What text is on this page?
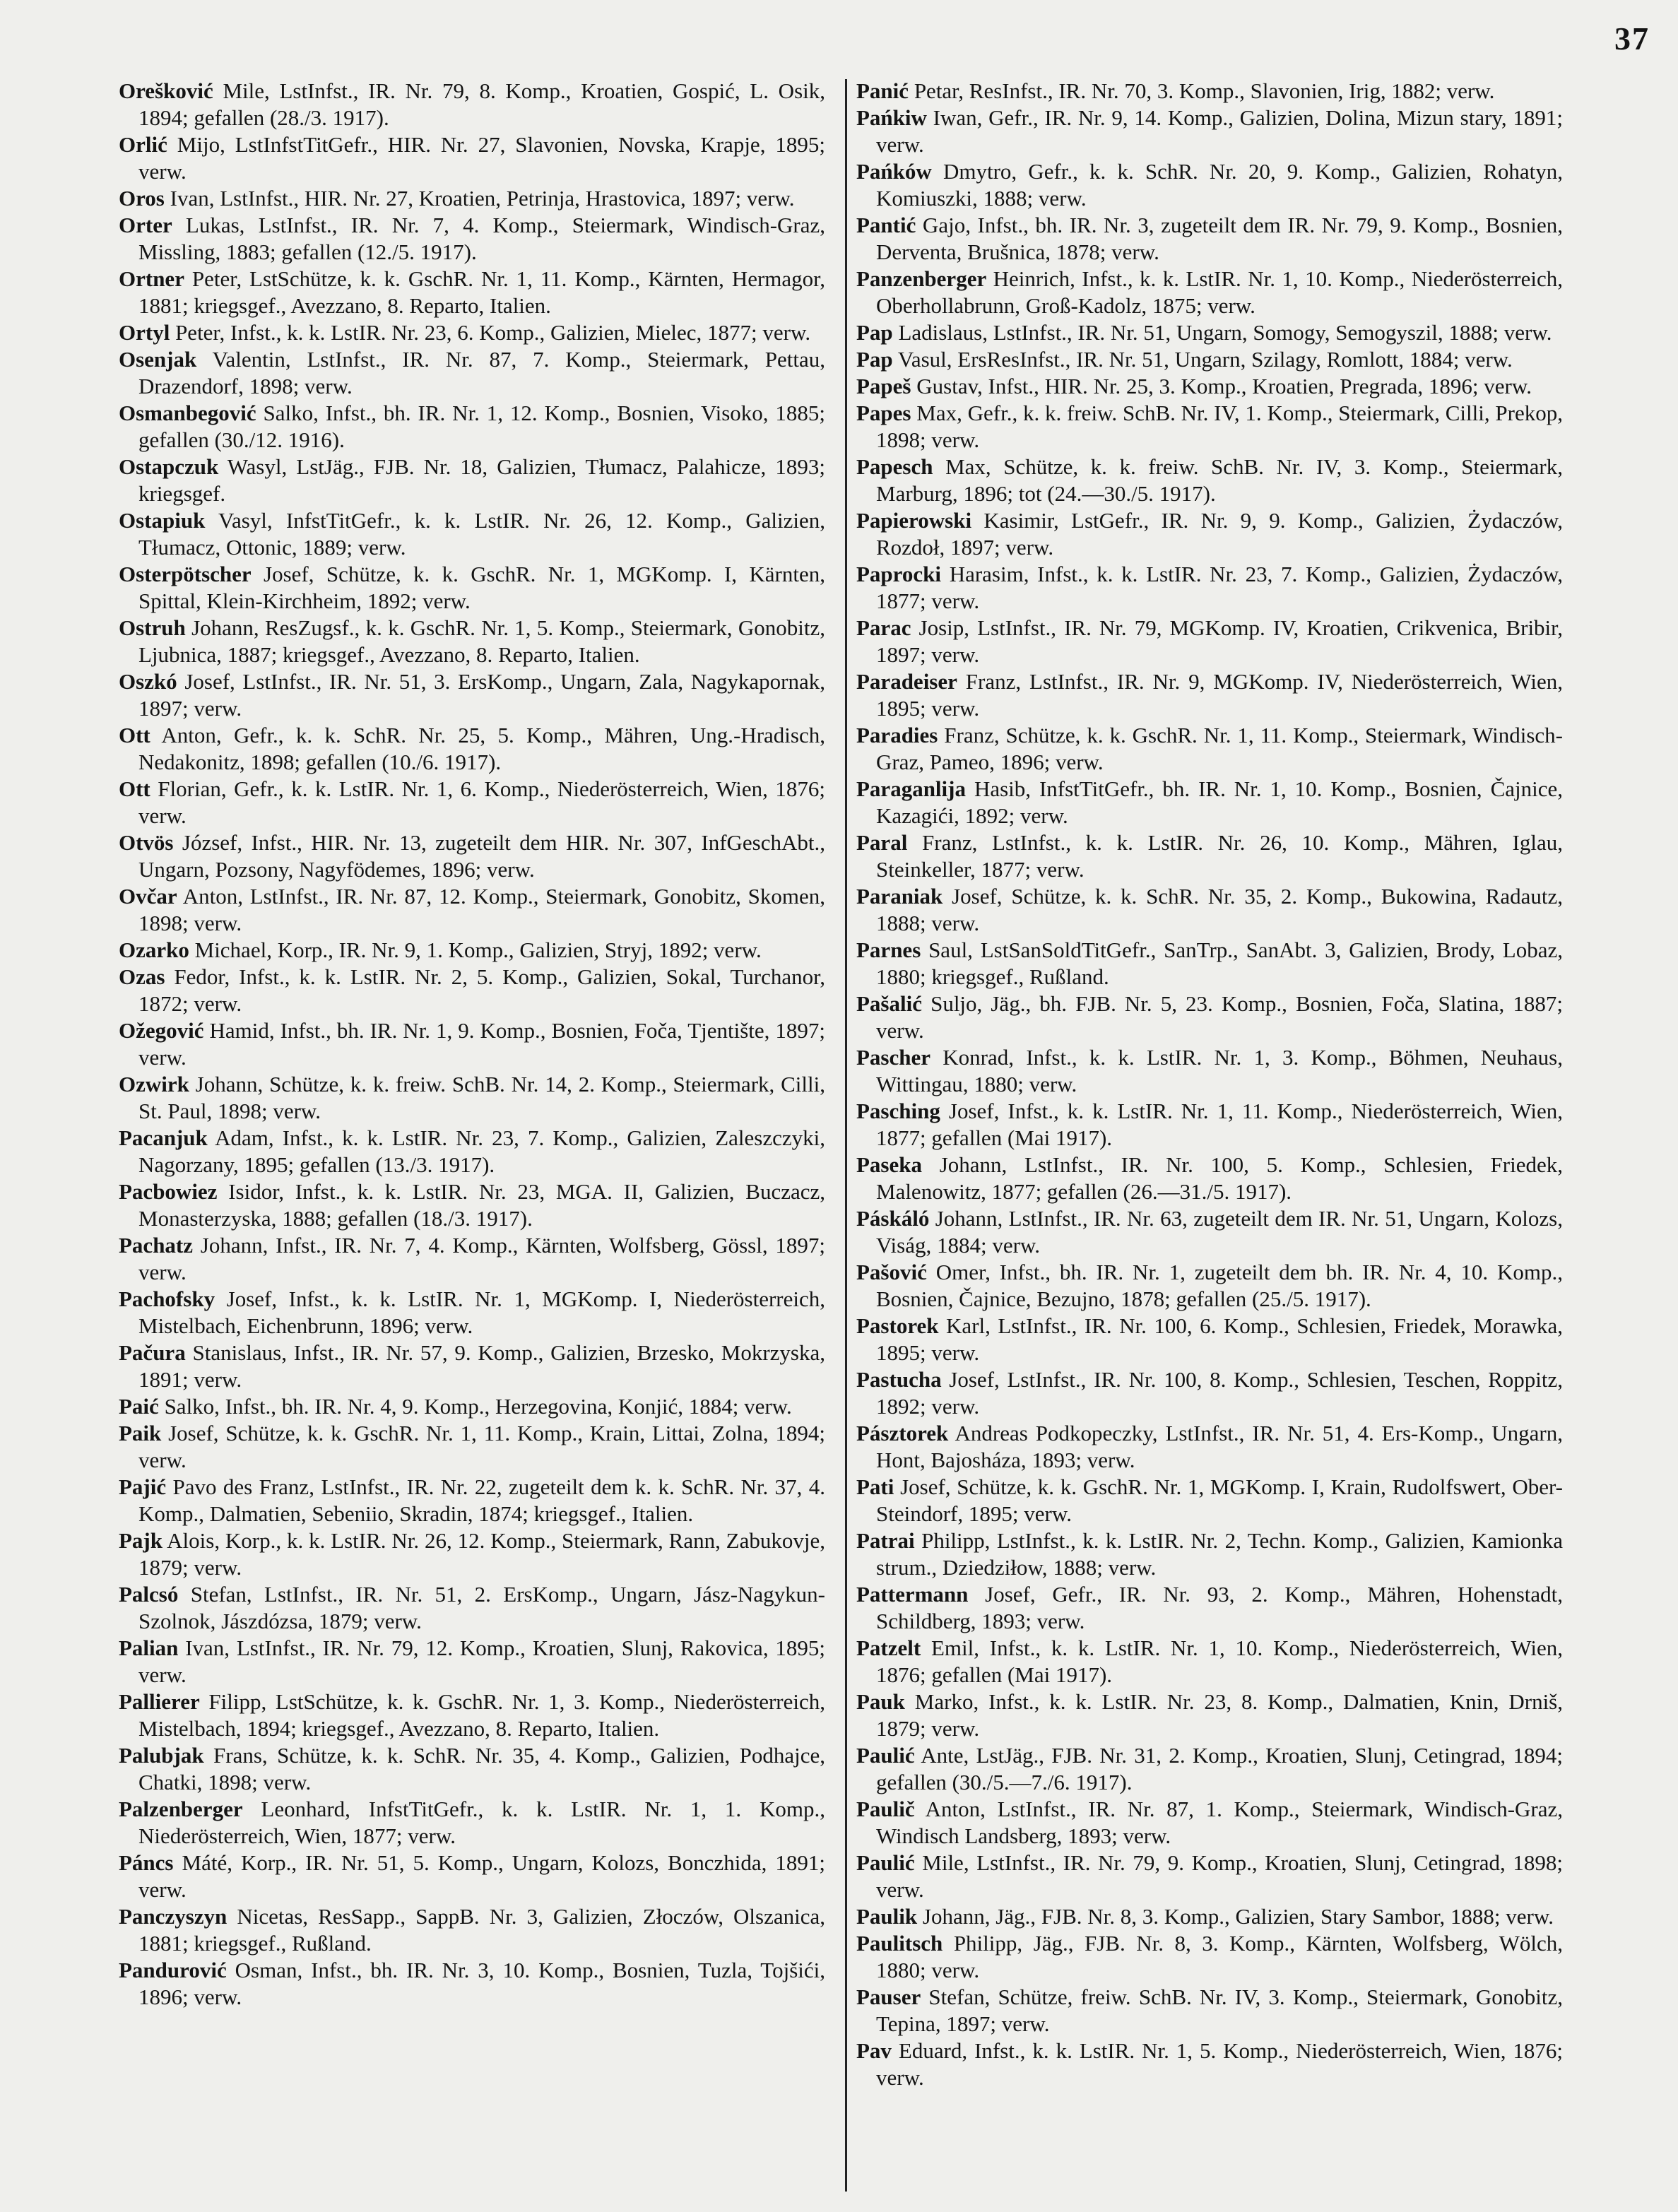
37

Orešković Mile, LstInfst., IR. Nr. 79, 8. Komp., Kroatien, Gospić, L. Osik, 1894; gefallen (28./3. 1917).

Orlić Mijo, LstInfstTitGefr., HIR. Nr. 27, Slavonien, Novska, Krapje, 1895; verw.

Oros Ivan, LstInfst., HIR. Nr. 27, Kroatien, Petrinja, Hrastovica, 1897; verw.

Orter Lukas, LstInfst., IR. Nr. 7, 4. Komp., Steiermark, Windisch-Graz, Missling, 1883; gefallen (12./5. 1917).

Ortner Peter, LstSchütze, k. k. GschR. Nr. 1, 11. Komp., Kärnten, Hermagor, 1881; kriegsgef., Avezzano, 8. Reparto, Italien.

Ortyl Peter, Infst., k. k. LstIR. Nr. 23, 6. Komp., Galizien, Mielec, 1877; verw.

Osenjak Valentin, LstInfst., IR. Nr. 87, 7. Komp., Steiermark, Pettau, Drazendorf, 1898; verw.

Osmanbegović Salko, Infst., bh. IR. Nr. 1, 12. Komp., Bosnien, Visoko, 1885; gefallen (30./12. 1916).

Ostapczuk Wasyl, LstJäg., FJB. Nr. 18, Galizien, Tłumacz, Palahicze, 1893; kriegsgef.

Ostapiuk Vasyl, InfstTitGefr., k. k. LstIR. Nr. 26, 12. Komp., Galizien, Tłumacz, Ottonic, 1889; verw.

Osterpötscher Josef, Schütze, k. k. GschR. Nr. 1, MGKomp. I, Kärnten, Spittal, Klein-Kirchheim, 1892; verw.

Ostruh Johann, ResZugsf., k. k. GschR. Nr. 1, 5. Komp., Steiermark, Gonobitz, Ljubnica, 1887; kriegsgef., Avezzano, 8. Reparto, Italien.

Oszkó Josef, LstInfst., IR. Nr. 51, 3. ErsKomp., Ungarn, Zala, Nagykapornak, 1897; verw.

Ott Anton, Gefr., k. k. SchR. Nr. 25, 5. Komp., Mähren, Ung.-Hradisch, Nedakonitz, 1898; gefallen (10./6. 1917).

Ott Florian, Gefr., k. k. LstIR. Nr. 1, 6. Komp., Niederösterreich, Wien, 1876; verw.

Otvös József, Infst., HIR. Nr. 13, zugeteilt dem HIR. Nr. 307, InfGeschAbt., Ungarn, Pozsony, Nagyfödemes, 1896; verw.

Ovčar Anton, LstInfst., IR. Nr. 87, 12. Komp., Steiermark, Gonobitz, Skomen, 1898; verw.

Ozarko Michael, Korp., IR. Nr. 9, 1. Komp., Galizien, Stryj, 1892; verw.

Ozas Fedor, Infst., k. k. LstIR. Nr. 2, 5. Komp., Galizien, Sokal, Turchanor, 1872; verw.

Ožegović Hamid, Infst., bh. IR. Nr. 1, 9. Komp., Bosnien, Foča, Tjentište, 1897; verw.

Ozwirk Johann, Schütze, k. k. freiw. SchB. Nr. 14, 2. Komp., Steiermark, Cilli, St. Paul, 1898; verw.

Pacanjuk Adam, Infst., k. k. LstIR. Nr. 23, 7. Komp., Galizien, Zaleszczyki, Nagorzany, 1895; gefallen (13./3. 1917).

Pacbowiez Isidor, Infst., k. k. LstIR. Nr. 23, MGA. II, Galizien, Buczacz, Monasterzyska, 1888; gefallen (18./3. 1917).

Pachatz Johann, Infst., IR. Nr. 7, 4. Komp., Kärnten, Wolfsberg, Gössl, 1897; verw.

Pachofsky Josef, Infst., k. k. LstIR. Nr. 1, MGKomp. I, Niederösterreich, Mistelbach, Eichenbrunn, 1896; verw.

Pačura Stanislaus, Infst., IR. Nr. 57, 9. Komp., Galizien, Brzesko, Mokrzyska, 1891; verw.

Paić Salko, Infst., bh. IR. Nr. 4, 9. Komp., Herzegovina, Konjić, 1884; verw.

Paik Josef, Schütze, k. k. GschR. Nr. 1, 11. Komp., Krain, Littai, Zolna, 1894; verw.

Pajić Pavo des Franz, LstInfst., IR. Nr. 22, zugeteilt dem k. k. SchR. Nr. 37, 4. Komp., Dalmatien, Sebeniio, Skradin, 1874; kriegsgef., Italien.

Pajk Alois, Korp., k. k. LstIR. Nr. 26, 12. Komp., Steiermark, Rann, Zabukovje, 1879; verw.

Palcsó Stefan, LstInfst., IR. Nr. 51, 2. ErsKomp., Ungarn, Jász-Nagykun-Szolnok, Jászdózsa, 1879; verw.

Palian Ivan, LstInfst., IR. Nr. 79, 12. Komp., Kroatien, Slunj, Rakovica, 1895; verw.

Pallierer Filipp, LstSchütze, k. k. GschR. Nr. 1, 3. Komp., Niederösterreich, Mistelbach, 1894; kriegsgef., Avezzano, 8. Reparto, Italien.

Palubjak Frans, Schütze, k. k. SchR. Nr. 35, 4. Komp., Galizien, Podhajce, Chatki, 1898; verw.

Palzenberger Leonhard, InfstTitGefr., k. k. LstIR. Nr. 1, 1. Komp., Niederösterreich, Wien, 1877; verw.

Páncs Máté, Korp., IR. Nr. 51, 5. Komp., Ungarn, Kolozs, Bonczhida, 1891; verw.

Panczyszyn Nicetas, ResSapp., SappB. Nr. 3, Galizien, Złoczów, Olszanica, 1881; kriegsgef., Rußland.

Pandurović Osman, Infst., bh. IR. Nr. 3, 10. Komp., Bosnien, Tuzla, Tojšići, 1896; verw.

Panić Petar, ResInfst., IR. Nr. 70, 3. Komp., Slavonien, Irig, 1882; verw.

Pańkiw Iwan, Gefr., IR. Nr. 9, 14. Komp., Galizien, Dolina, Mizun stary, 1891; verw.

Pańków Dmytro, Gefr., k. k. SchR. Nr. 20, 9. Komp., Galizien, Rohatyn, Komiuszki, 1888; verw.

Pantić Gajo, Infst., bh. IR. Nr. 3, zugeteilt dem IR. Nr. 79, 9. Komp., Bosnien, Derventa, Brušnica, 1878; verw.

Panzenberger Heinrich, Infst., k. k. LstIR. Nr. 1, 10. Komp., Niederösterreich, Oberhollabrunn, Groß-Kadolz, 1875; verw.

Pap Ladislaus, LstInfst., IR. Nr. 51, Ungarn, Somogy, Semogyszil, 1888; verw.

Pap Vasul, ErsResInfst., IR. Nr. 51, Ungarn, Szilagy, Romlott, 1884; verw.

Papeš Gustav, Infst., HIR. Nr. 25, 3. Komp., Kroatien, Pregrada, 1896; verw.

Papes Max, Gefr., k. k. freiw. SchB. Nr. IV, 1. Komp., Steiermark, Cilli, Prekop, 1898; verw.

Papesch Max, Schütze, k. k. freiw. SchB. Nr. IV, 3. Komp., Steiermark, Marburg, 1896; tot (24.—30./5. 1917).

Papierowski Kasimir, LstGefr., IR. Nr. 9, 9. Komp., Galizien, Żydaczów, Rozdoł, 1897; verw.

Paprocki Harasim, Infst., k. k. LstIR. Nr. 23, 7. Komp., Galizien, Żydaczów, 1877; verw.

Parac Josip, LstInfst., IR. Nr. 79, MGKomp. IV, Kroatien, Crikvenica, Bribir, 1897; verw.

Paradeiser Franz, LstInfst., IR. Nr. 9, MGKomp. IV, Niederösterreich, Wien, 1895; verw.

Paradies Franz, Schütze, k. k. GschR. Nr. 1, 11. Komp., Steiermark, Windisch-Graz, Pameo, 1896; verw.

Paraganlija Hasib, InfstTitGefr., bh. IR. Nr. 1, 10. Komp., Bosnien, Čajnice, Kazagići, 1892; verw.

Paral Franz, LstInfst., k. k. LstIR. Nr. 26, 10. Komp., Mähren, Iglau, Steinkeller, 1877; verw.

Paraniak Josef, Schütze, k. k. SchR. Nr. 35, 2. Komp., Bukowina, Radautz, 1888; verw.

Parnes Saul, LstSanSoldTitGefr., SanTrp., SanAbt. 3, Galizien, Brody, Lobaz, 1880; kriegsgef., Rußland.

Pašalić Suljo, Jäg., bh. FJB. Nr. 5, 23. Komp., Bosnien, Foča, Slatina, 1887; verw.

Pascher Konrad, Infst., k. k. LstIR. Nr. 1, 3. Komp., Böhmen, Neuhaus, Wittingau, 1880; verw.

Pasching Josef, Infst., k. k. LstIR. Nr. 1, 11. Komp., Niederösterreich, Wien, 1877; gefallen (Mai 1917).

Paseka Johann, LstInfst., IR. Nr. 100, 5. Komp., Schlesien, Friedek, Malenowitz, 1877; gefallen (26.—31./5. 1917).

Páskáló Johann, LstInfst., IR. Nr. 63, zugeteilt dem IR. Nr. 51, Ungarn, Kolozs, Viság, 1884; verw.

Pašović Omer, Infst., bh. IR. Nr. 1, zugeteilt dem bh. IR. Nr. 4, 10. Komp., Bosnien, Čajnice, Bezujno, 1878; gefallen (25./5. 1917).

Pastorek Karl, LstInfst., IR. Nr. 100, 6. Komp., Schlesien, Friedek, Morawka, 1895; verw.

Pastucha Josef, LstInfst., IR. Nr. 100, 8. Komp., Schlesien, Teschen, Roppitz, 1892; verw.

Pásztorek Andreas Podkopeczky, LstInfst., IR. Nr. 51, 4. Ers-Komp., Ungarn, Hont, Bajosháza, 1893; verw.

Pati Josef, Schütze, k. k. GschR. Nr. 1, MGKomp. I, Krain, Rudolfswert, Ober-Steindorf, 1895; verw.

Patrai Philipp, LstInfst., k. k. LstIR. Nr. 2, Techn. Komp., Galizien, Kamionka strum., Dziedziłow, 1888; verw.

Pattermann Josef, Gefr., IR. Nr. 93, 2. Komp., Mähren, Hohenstadt, Schildberg, 1893; verw.

Patzelt Emil, Infst., k. k. LstIR. Nr. 1, 10. Komp., Niederösterreich, Wien, 1876; gefallen (Mai 1917).

Pauk Marko, Infst., k. k. LstIR. Nr. 23, 8. Komp., Dalmatien, Knin, Drniš, 1879; verw.

Paulić Ante, LstJäg., FJB. Nr. 31, 2. Komp., Kroatien, Slunj, Cetingrad, 1894; gefallen (30./5.—7./6. 1917).

Paulič Anton, LstInfst., IR. Nr. 87, 1. Komp., Steiermark, Windisch-Graz, Windisch Landsberg, 1893; verw.

Paulić Mile, LstInfst., IR. Nr. 79, 9. Komp., Kroatien, Slunj, Cetingrad, 1898; verw.

Paulik Johann, Jäg., FJB. Nr. 8, 3. Komp., Galizien, Stary Sambor, 1888; verw.

Paulitsch Philipp, Jäg., FJB. Nr. 8, 3. Komp., Kärnten, Wolfsberg, Wölch, 1880; verw.

Pauser Stefan, Schütze, freiw. SchB. Nr. IV, 3. Komp., Steiermark, Gonobitz, Tepina, 1897; verw.

Pav Eduard, Infst., k. k. LstIR. Nr. 1, 5. Komp., Niederösterreich, Wien, 1876; verw.
